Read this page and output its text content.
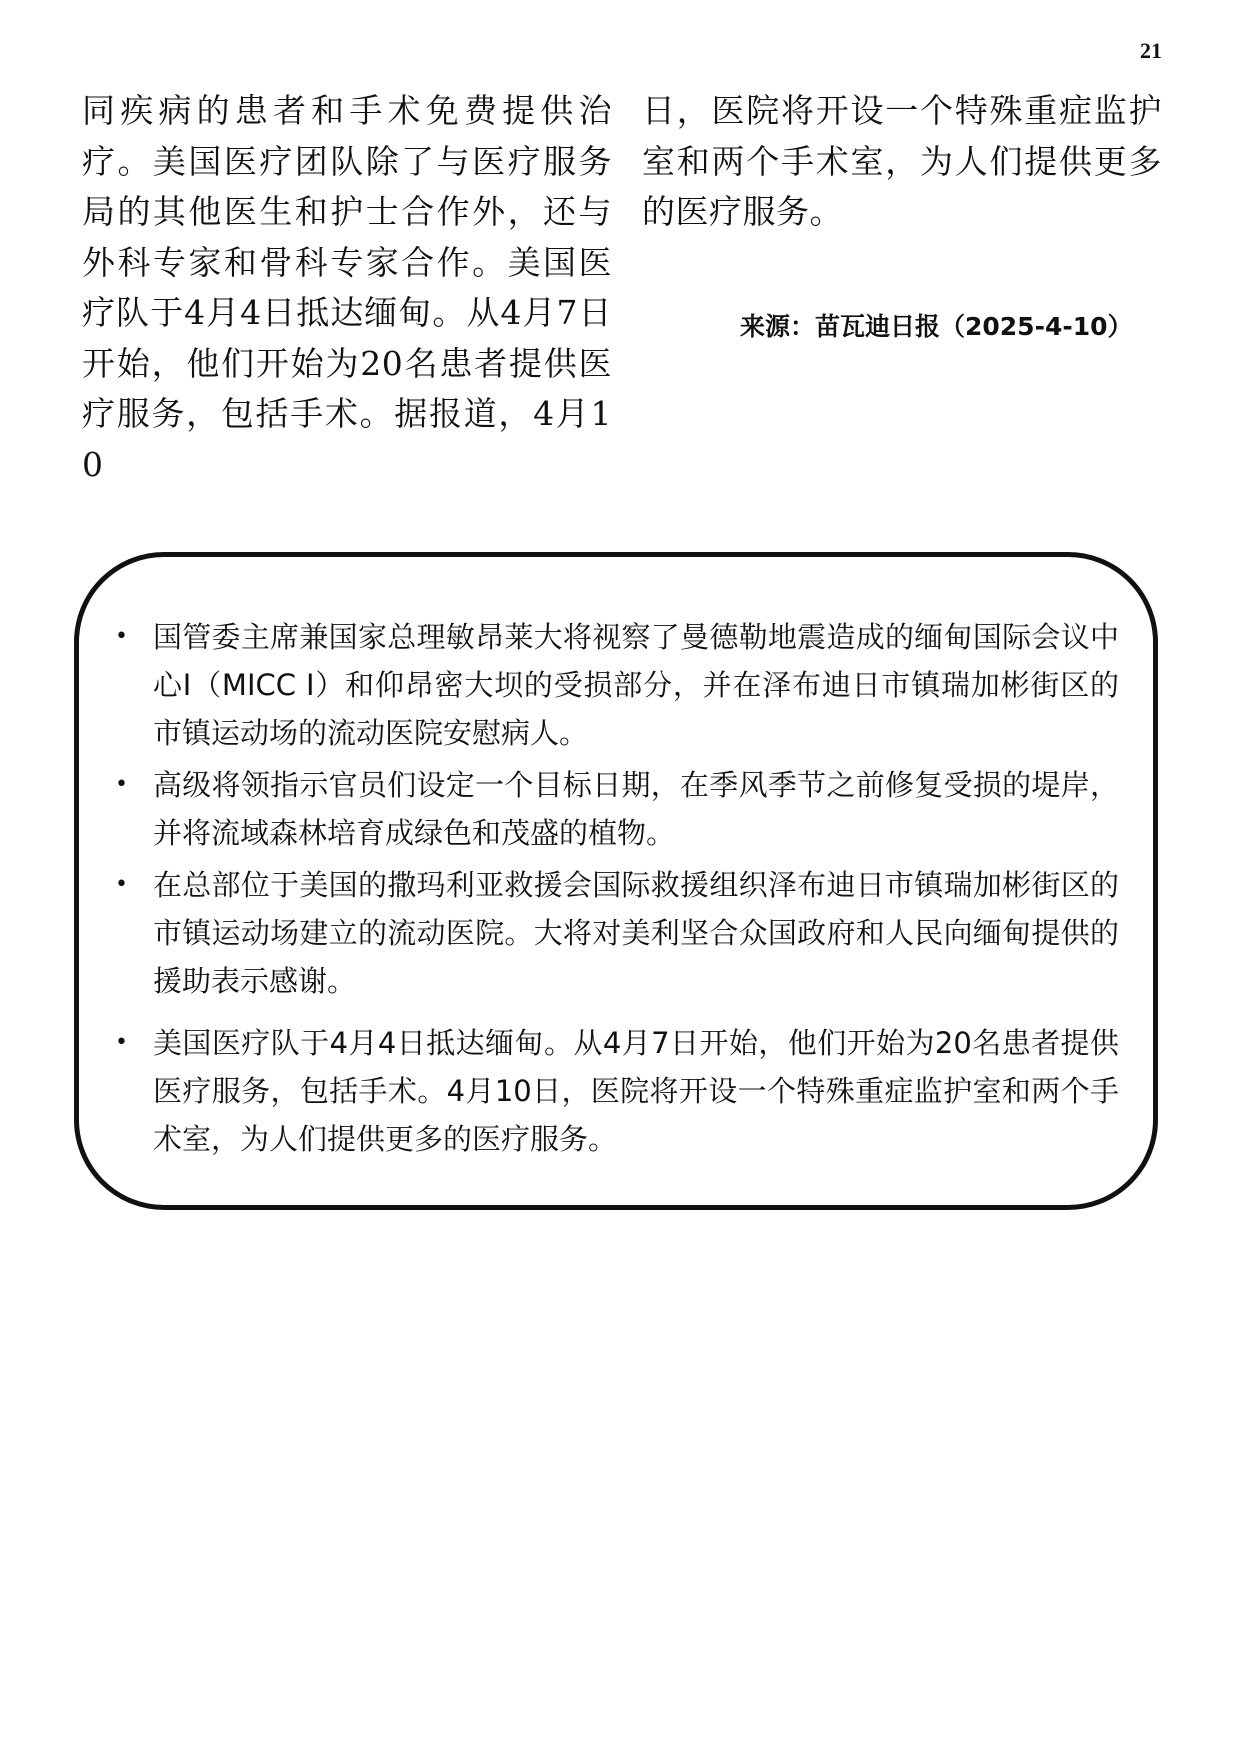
21

同疾病的患者和手术免费提供治疗。美国医疗团队除了与医疗服务局的其他医生和护士合作外，还与外科专家和骨科专家合作。美国医疗队于4月4日抵达缅甸。从4月7日开始，他们开始为20名患者提供医疗服务，包括手术。据报道，4月10

日，医院将开设一个特殊重症监护室和两个手术室，为人们提供更多的医疗服务。

来源：苗瓦迪日报（2025-4-10）
• 国管委主席兼国家总理敏昂莱大将视察了曼德勒地震造成的缅甸国际会议中心I（MICC I）和仰昂密大坝的受损部分，并在泽布迪日市镇瑞加彬街区的市镇运动场的流动医院安慰病人。
• 高级将领指示官员们设定一个目标日期，在季风季节之前修复受损的堤岸，并将流域森林培育成绿色和茂盛的植物。
• 在总部位于美国的撒玛利亚救援会国际救援组织泽布迪日市镇瑞加彬街区的市镇运动场建立的流动医院。大将对美利坚合众国政府和人民向缅甸提供的援助表示感谢。
• 美国医疗队于4月4日抵达缅甸。从4月7日开始，他们开始为20名患者提供医疗服务，包括手术。4月10日，医院将开设一个特殊重症监护室和两个手术室，为人们提供更多的医疗服务。
